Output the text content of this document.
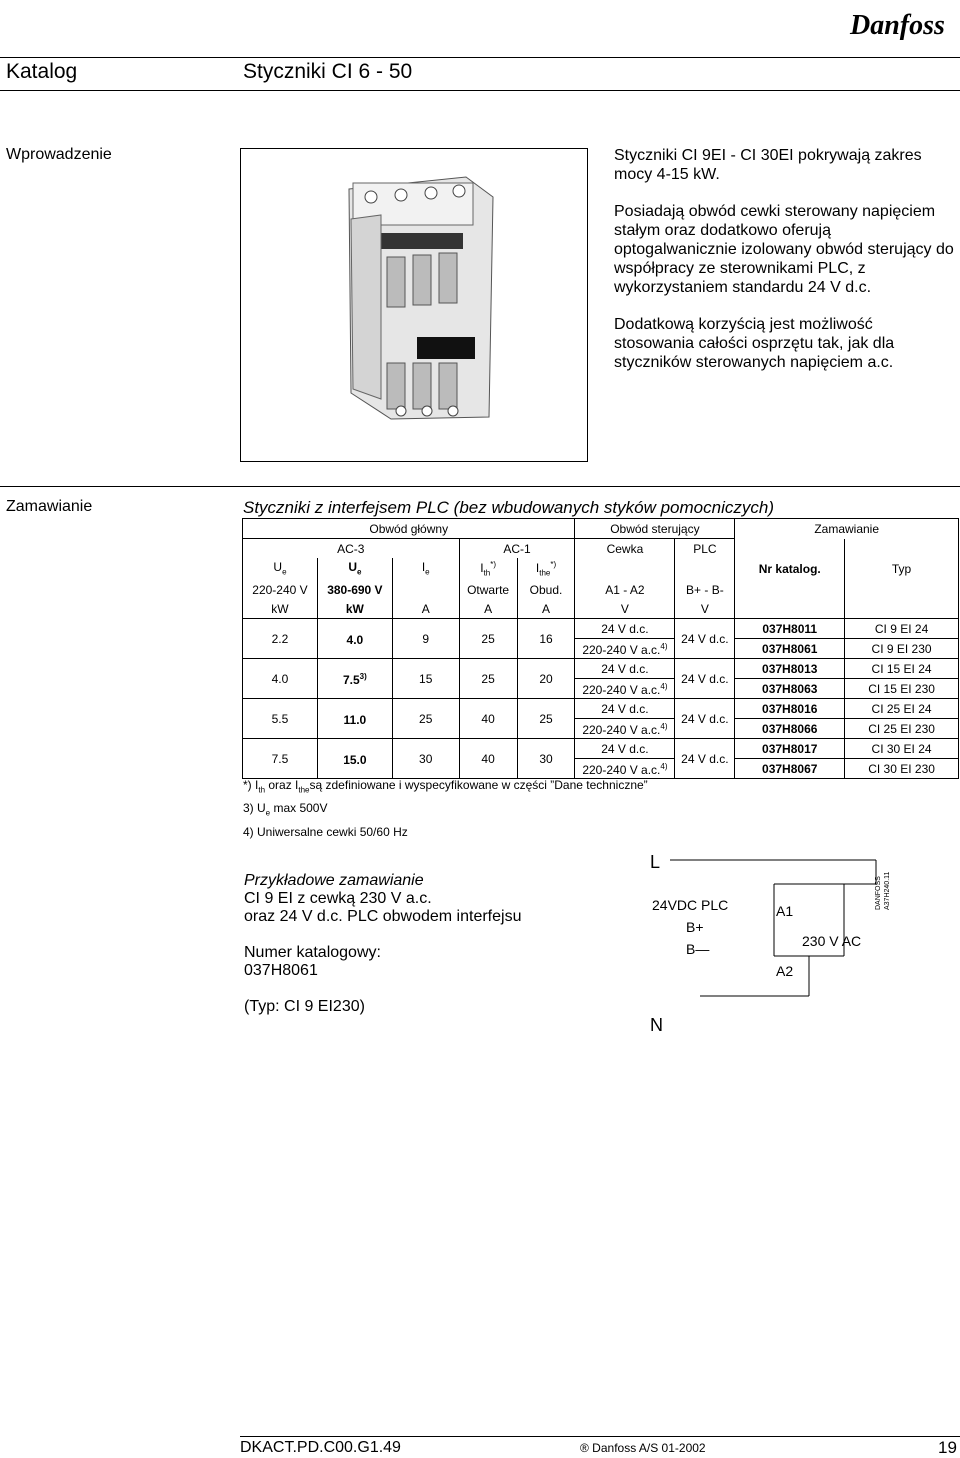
Danfoss
Katalog	Styczniki CI 6 - 50
Wprowadzenie	Styczniki CI 9EI - CI 30EI pokrywają zakres mocy 4-15 kW.

Posiadają obwód cewki sterowany napięciem stałym oraz dodatkowo oferują optogalwanicznie izolowany obwód sterujący do współpracy ze sterownikami PLC, z wykorzystaniem standardu 24 V d.c.

Dodatkową korzyścią jest możliwość stosowania całości osprzętu tak, jak dla styczników sterowanych napięciem a.c.

Zamawianie	Styczniki z interfejsem PLC (bez wbudowanych styków pomocniczych)
Obwód główny					Obwód sterujący		Zamawianie	
AC-3			AC-1		Cewka	PLC		
$U_e$	$U_e$	$I_e$	$I_{th}^{*)}$	$I_{the}^{*)}$			Nr katalog.	Typ
220-240 V	380-690 V		Otwarte	Obud.	A1 - A2	B+ - B-		
kW	kW	A	A	A	V	V		
2.2	4.0	9	25	16	24 V d.c.	24 V d.c.	037H8011	CI 9 EI 24
					220-240 V a.c.$^{4)}$		037H8061	CI 9 EI 230
4.0	7.5$^{3)}$	15	25	20	24 V d.c.	24 V d.c.	037H8013	CI 15 EI 24
					220-240 V a.c.$^{4)}$		037H8063	CI 15 EI 230
5.5	11.0	25	40	25	24 V d.c.	24 V d.c.	037H8016	CI 25 EI 24
					220-240 V a.c.$^{4)}$		037H8066	CI 25 EI 230
7.5	15.0	30	40	30	24 V d.c.	24 V d.c.	037H8017	CI 30 EI 24
					220-240 V a.c.$^{4)}$		037H8067	CI 30 EI 230
*) $I_{th}$ oraz $I_{the}są$ zdefiniowane i wyspecyfikowane w części ”Dane techniczne”
3) $U_e$ max 500V
4) Uniwersalne cewki 50/60 Hz
Przykładowe zamawianie
CI 9 EI z cewką 230 V a.c.
oraz 24 V d.c. PLC obwodem interfejsu
Numer katalogowy:
037H8061
(Typ: CI 9 EI230)
L
24VDC PLC
B+
B—
A1
A2
230 V AC
N
DANFOSS A37H240.11
DKACT.PD.C00.G1.49	® Danfoss A/S 01-2002	19
